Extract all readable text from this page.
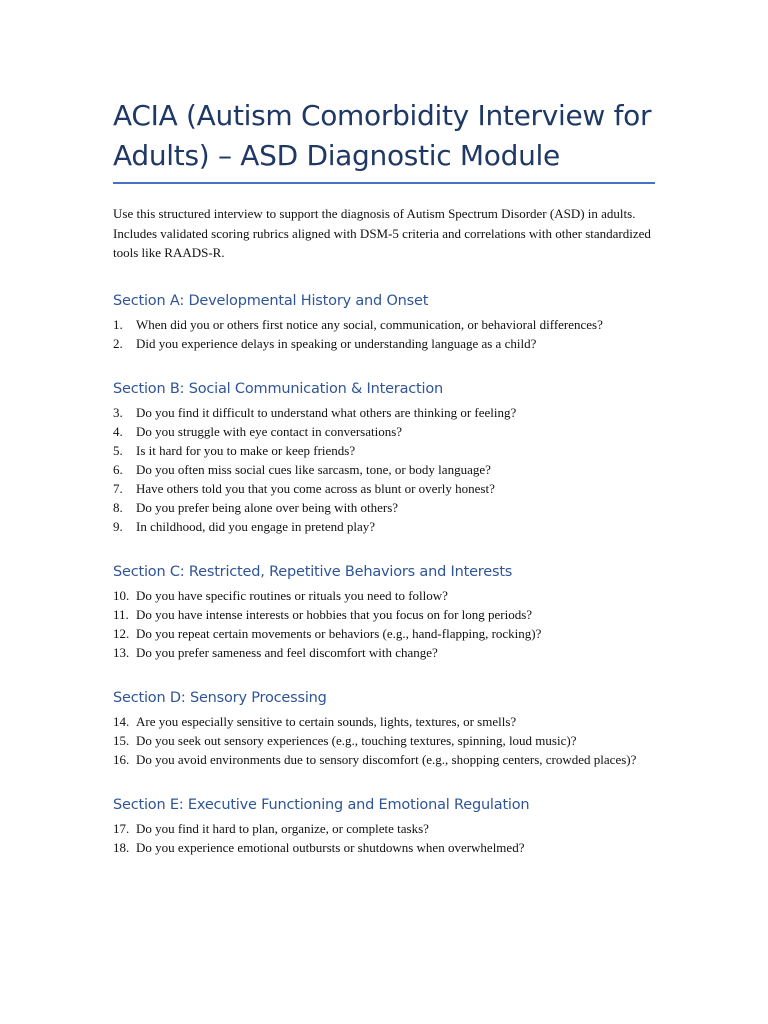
ACIA (Autism Comorbidity Interview for
Adults) – ASD Diagnostic Module

Use this structured interview to support the diagnosis of Autism Spectrum Disorder (ASD) in adults. Includes validated scoring rubrics aligned with DSM-5 criteria and correlations with other standardized tools like RAADS-R.

Section A: Developmental History and Onset
1.	When did you or others first notice any social, communication, or behavioral differences?
2.	Did you experience delays in speaking or understanding language as a child?
Section B: Social Communication & Interaction
3.	Do you find it difficult to understand what others are thinking or feeling?
4.	Do you struggle with eye contact in conversations?
5.	Is it hard for you to make or keep friends?
6.	Do you often miss social cues like sarcasm, tone, or body language?
7.	Have others told you that you come across as blunt or overly honest?
8.	Do you prefer being alone over being with others?
9.	In childhood, did you engage in pretend play?
Section C: Restricted, Repetitive Behaviors and Interests
10. Do you have specific routines or rituals you need to follow?
11. Do you have intense interests or hobbies that you focus on for long periods?
12. Do you repeat certain movements or behaviors (e.g., hand-flapping, rocking)?
13. Do you prefer sameness and feel discomfort with change?
Section D: Sensory Processing
14. Are you especially sensitive to certain sounds, lights, textures, or smells?
15. Do you seek out sensory experiences (e.g., touching textures, spinning, loud music)?
16. Do you avoid environments due to sensory discomfort (e.g., shopping centers, crowded places)?
Section E: Executive Functioning and Emotional Regulation
17. Do you find it hard to plan, organize, or complete tasks?
18. Do you experience emotional outbursts or shutdowns when overwhelmed?
